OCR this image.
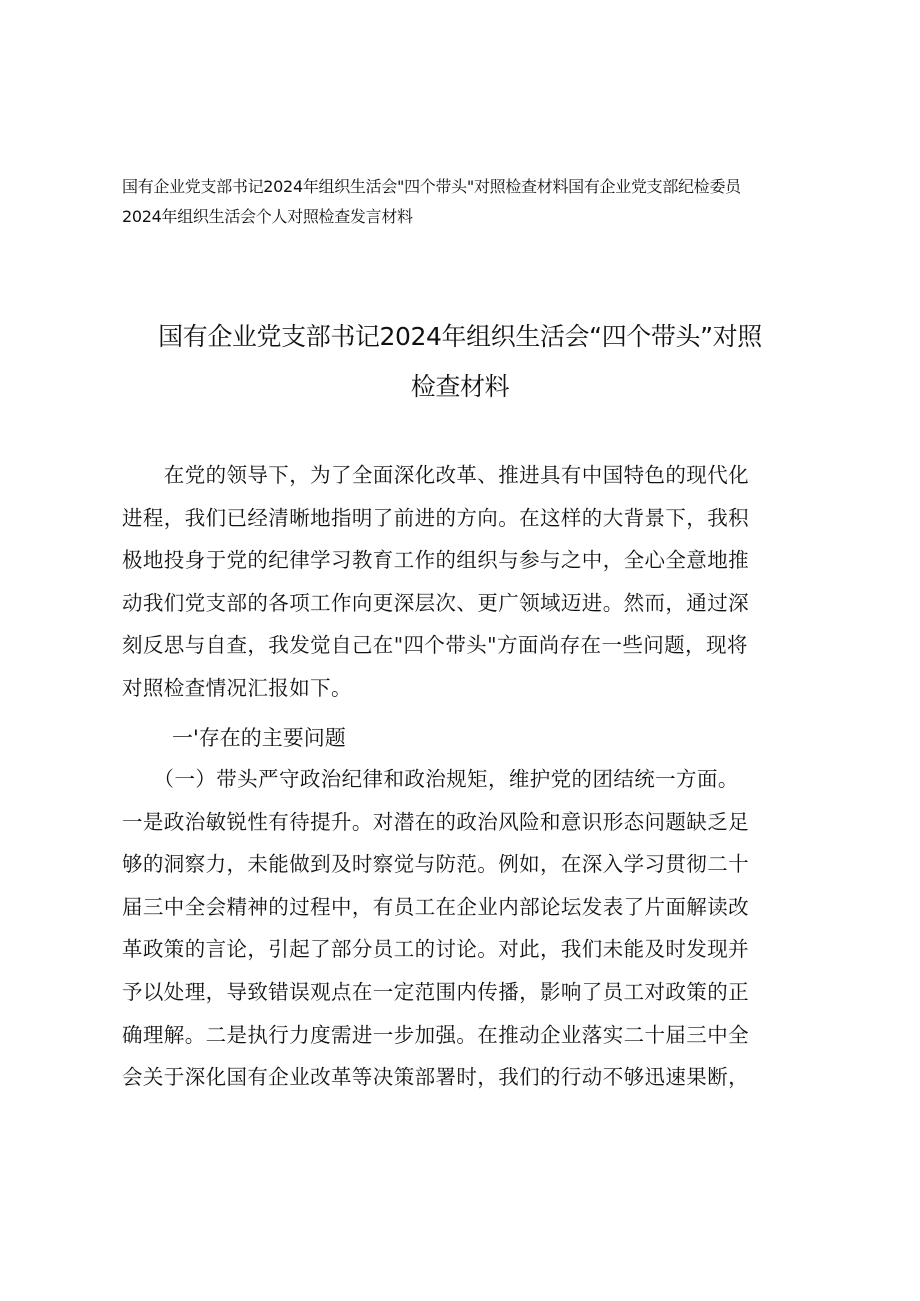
国有企业党支部书记2024年组织生活会"四个带头"对照检查材料国有企业党支部纪检委员
2024年组织生活会个人对照检查发言材料
国有企业党支部书记2024年组织生活会“四个带头”对照
检查材料
　　在党的领导下，为了全面深化改革、推进具有中国特色的现代化
进程，我们已经清晰地指明了前进的方向。在这样的大背景下，我积
极地投身于党的纪律学习教育工作的组织与参与之中，全心全意地推
动我们党支部的各项工作向更深层次、更广领域迈进。然而，通过深
刻反思与自查，我发觉自己在"四个带头"方面尚存在一些问题，现将
对照检查情况汇报如下。
一'存在的主要问题
　　（一）带头严守政治纪律和政治规矩，维护党的团结统一方面。
一是政治敏锐性有待提升。对潜在的政治风险和意识形态问题缺乏足
够的洞察力，未能做到及时察觉与防范。例如，在深入学习贯彻二十
届三中全会精神的过程中，有员工在企业内部论坛发表了片面解读改
革政策的言论，引起了部分员工的讨论。对此，我们未能及时发现并
予以处理，导致错误观点在一定范围内传播，影响了员工对政策的正
确理解。二是执行力度需进一步加强。在推动企业落实二十届三中全
会关于深化国有企业改革等决策部署时，我们的行动不够迅速果断，
